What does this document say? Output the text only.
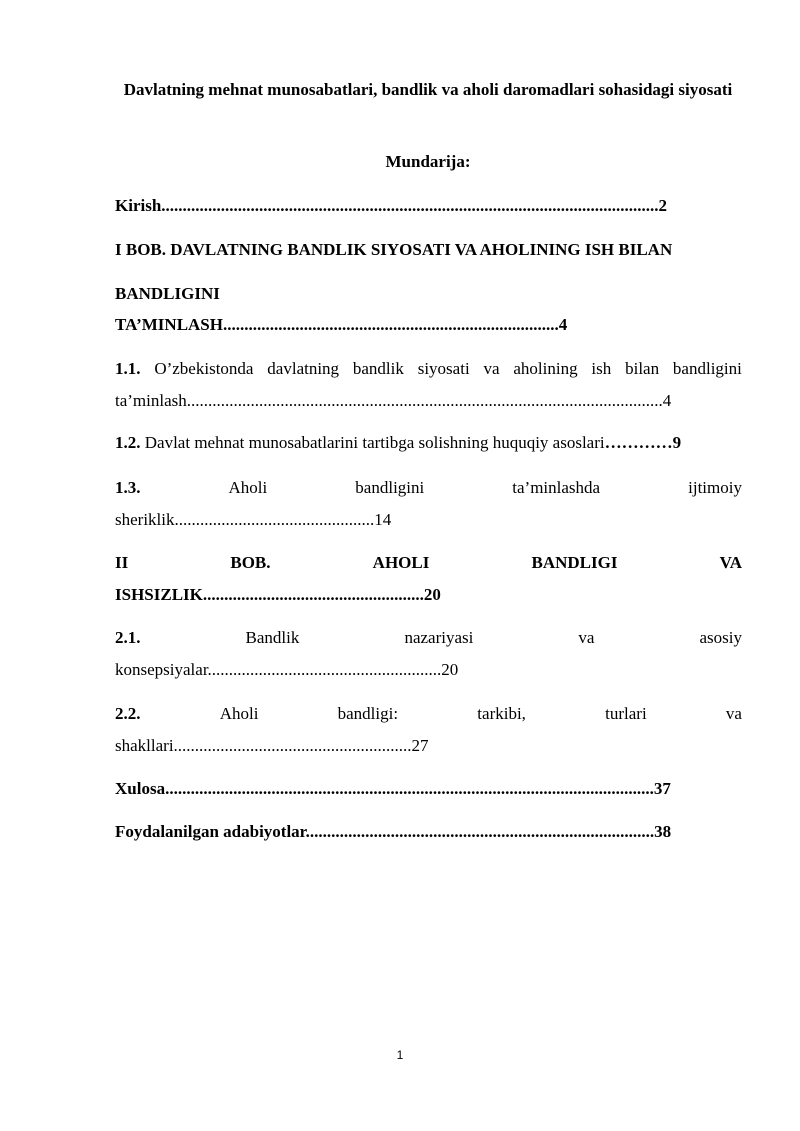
Davlatning mehnat munosabatlari, bandlik va aholi daromadlari sohasidagi siyosati
Mundarija:
Kirish.....................................................................................................................2
I BOB. DAVLATNING BANDLIK SIYOSATI VA AHOLINING ISH BILAN
BANDLIGINI
TA’MINLASH...............................................................................4
1.1. O’zbekistonda davlatning bandlik siyosati va aholining ish bilan bandligini
ta’minlash................................................................................................................4
1.2. Davlat mehnat munosabatlarini tartibga solishning huquqiy asoslari…………9
1.3.	Aholi	bandligini	ta’minlashda	ijtimoiy
sheriklik...............................................14
II	BOB.	AHOLI	BANDLIGI	VA
ISHSIZLIK....................................................20
2.1.	Bandlik	nazariyasi	va	asosiy
konsepsiyalar.......................................................20
2.2.	Aholi	bandligi:	tarkibi,	turlari	va
shakllari........................................................27
Xulosa...................................................................................................................37
Foydalanilgan adabiyotlar..................................................................................38
1
